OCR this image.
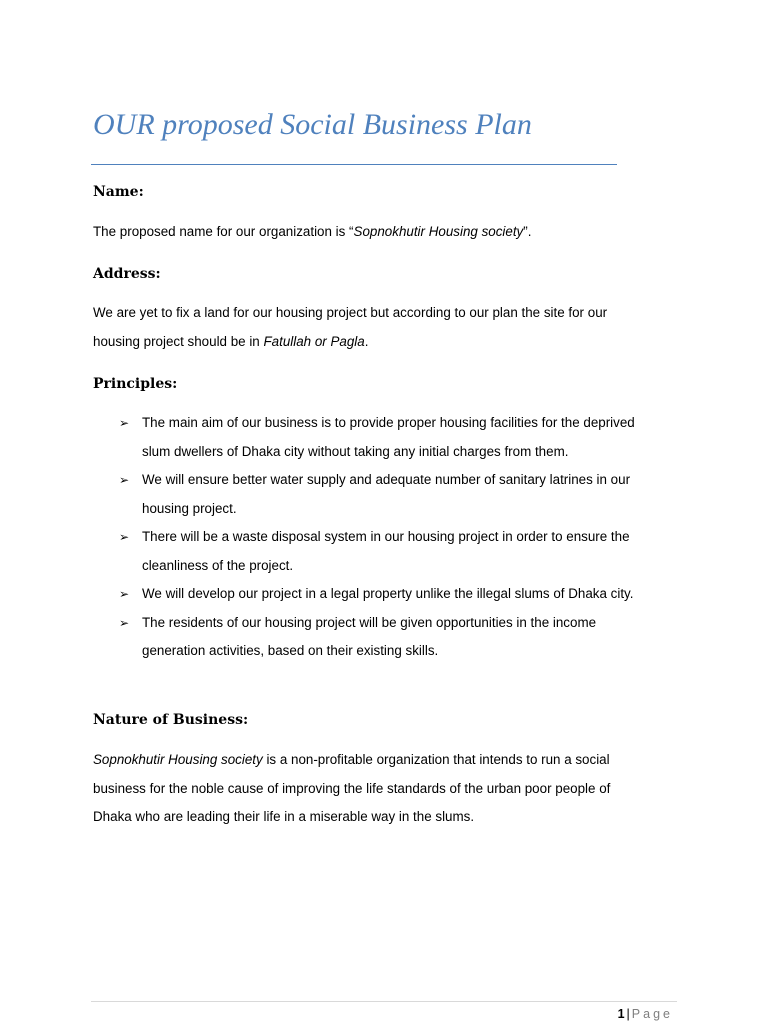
OUR proposed Social Business Plan
Name:

The proposed name for our organization is “Sopnokhutir Housing society”.

Address:
We are yet to fix a land for our housing project but according to our plan the site for our
housing project should be in Fatullah or Pagla.
Principles:
➢ The main aim of our business is to provide proper housing facilities for the deprived
slum dwellers of Dhaka city without taking any initial charges from them.
➢ We will ensure better water supply and adequate number of sanitary latrines in our
housing project.
➢ There will be a waste disposal system in our housing project in order to ensure the
cleanliness of the project.
➢ We will develop our project in a legal property unlike the illegal slums of Dhaka city.
➢ The residents of our housing project will be given opportunities in the income
generation activities, based on their existing skills.
Nature of Business:
Sopnokhutir Housing society is a non-profitable organization that intends to run a social
business for the noble cause of improving the life standards of the urban poor people of
Dhaka who are leading their life in a miserable way in the slums.
1 | Page
